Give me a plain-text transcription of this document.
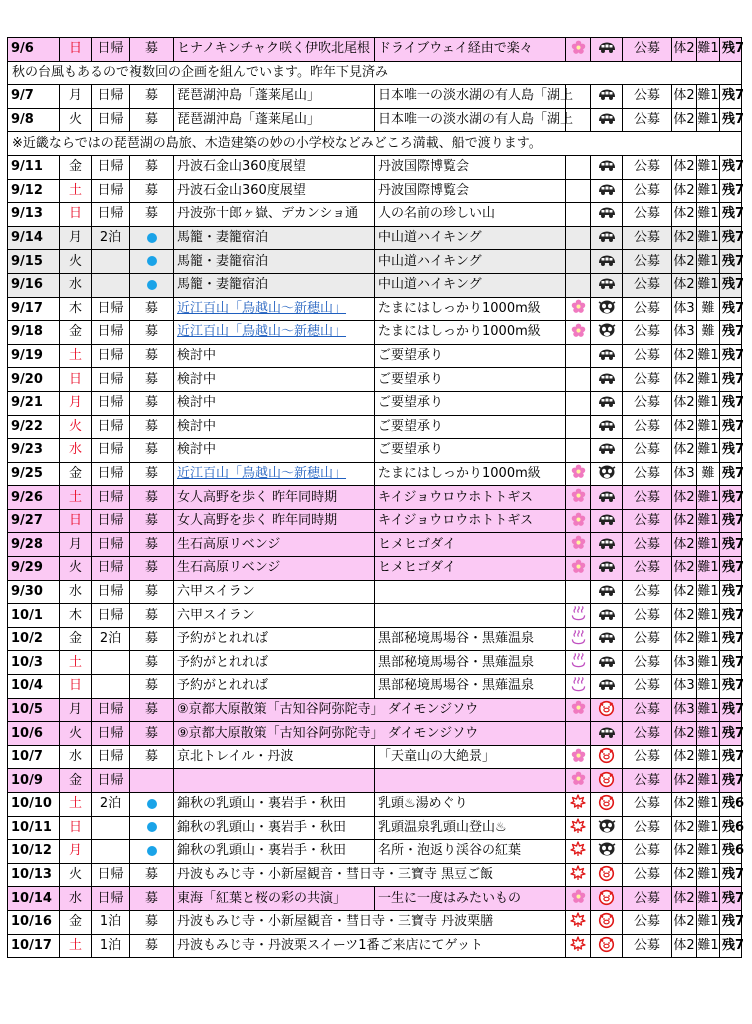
9/6	日	日帰	募	ヒナノキンチャク咲く伊吹北尾根	ドライブウェイ経由で楽々			公募	体2	難1	残7
秋の台風もあるので複数回の企画を組んでいます。昨年下見済み											
9/7	月	日帰	募	琵琶湖沖島「蓬莱尾山」	日本唯一の淡水湖の有人島「湖上			公募	体2	難1	残7
9/8	火	日帰	募	琵琶湖沖島「蓬莱尾山」	日本唯一の淡水湖の有人島「湖上			公募	体2	難1	残7
※近畿ならではの琵琶湖の島旅、木造建築の妙の小学校などみどころ満載、船で渡ります。											
9/11	金	日帰	募	丹波石金山360度展望	丹波国際博覧会			公募	体2	難1	残7
9/12	土	日帰	募	丹波石金山360度展望	丹波国際博覧会			公募	体2	難1	残7
9/13	日	日帰	募	丹波弥十郎ヶ嶽、デカンショ通	人の名前の珍しい山			公募	体2	難1	残7
9/14	月	2泊		馬籠・妻籠宿泊	中山道ハイキング			公募	体2	難1	残7
9/15	火			馬籠・妻籠宿泊	中山道ハイキング			公募	体2	難1	残7
9/16	水			馬籠・妻籠宿泊	中山道ハイキング			公募	体2	難1	残7
9/17	木	日帰	募	近江百山「鳥越山～新穂山」	たまにはしっかり1000m級			公募	体3	難	残7
9/18	金	日帰	募	近江百山「鳥越山～新穂山」	たまにはしっかり1000m級			公募	体3	難	残7
9/19	土	日帰	募	検討中	ご要望承り			公募	体2	難1	残7
9/20	日	日帰	募	検討中	ご要望承り			公募	体2	難1	残7
9/21	月	日帰	募	検討中	ご要望承り			公募	体2	難1	残7
9/22	火	日帰	募	検討中	ご要望承り			公募	体2	難1	残7
9/23	水	日帰	募	検討中	ご要望承り			公募	体2	難1	残7
9/25	金	日帰	募	近江百山「鳥越山～新穂山」	たまにはしっかり1000m級			公募	体3	難	残7
9/26	土	日帰	募	女人高野を歩く 昨年同時期	キイジョウロウホトトギス			公募	体2	難1	残7
9/27	日	日帰	募	女人高野を歩く 昨年同時期	キイジョウロウホトトギス			公募	体2	難1	残7
9/28	月	日帰	募	生石高原リベンジ	ヒメヒゴダイ			公募	体2	難1	残7
9/29	火	日帰	募	生石高原リベンジ	ヒメヒゴダイ			公募	体2	難1	残7
9/30	水	日帰	募	六甲スイラン				公募	体2	難1	残7
10/1	木	日帰	募	六甲スイラン				公募	体2	難1	残7
10/2	金	2泊	募	予約がとれれば	黒部秘境馬場谷・黒薙温泉			公募	体2	難1	残7
10/3	土		募	予約がとれれば	黒部秘境馬場谷・黒薙温泉			公募	体3	難1	残7
10/4	日		募	予約がとれれば	黒部秘境馬場谷・黒薙温泉			公募	体3	難1	残7
10/5	月	日帰	募	⑨京都大原散策「古知谷阿弥陀寺」 ダイモンジソウ				公募	体3	難1	残7
10/6	火	日帰	募	⑨京都大原散策「古知谷阿弥陀寺」 ダイモンジソウ				公募	体2	難1	残7
10/7	水	日帰	募	京北トレイル・丹波	「天童山の大絶景」			公募	体2	難1	残7
10/9	金	日帰						公募	体2	難1	残7
10/10	土	2泊		錦秋の乳頭山・裏岩手・秋田	乳頭♨湯めぐり			公募	体2	難1	残6
10/11	日			錦秋の乳頭山・裏岩手・秋田	乳頭温泉乳頭山登山♨			公募	体2	難1	残6
10/12	月			錦秋の乳頭山・裏岩手・秋田	名所・泡返り渓谷の紅葉			公募	体2	難1	残6
10/13	火	日帰	募	丹波もみじ寺・小新屋観音・彗日寺・三寶寺 黒豆ご飯				公募	体2	難1	残7
10/14	水	日帰	募	東海「紅葉と桜の彩の共演」	一生に一度はみたいもの			公募	体2	難1	残7
10/16	金	1泊	募	丹波もみじ寺・小新屋観音・彗日寺・三寶寺 丹波栗膳				公募	体2	難1	残7
10/17	土	1泊	募	丹波もみじ寺・丹波栗スイーツ1番ご来店にてゲット				公募	体2	難1	残7
